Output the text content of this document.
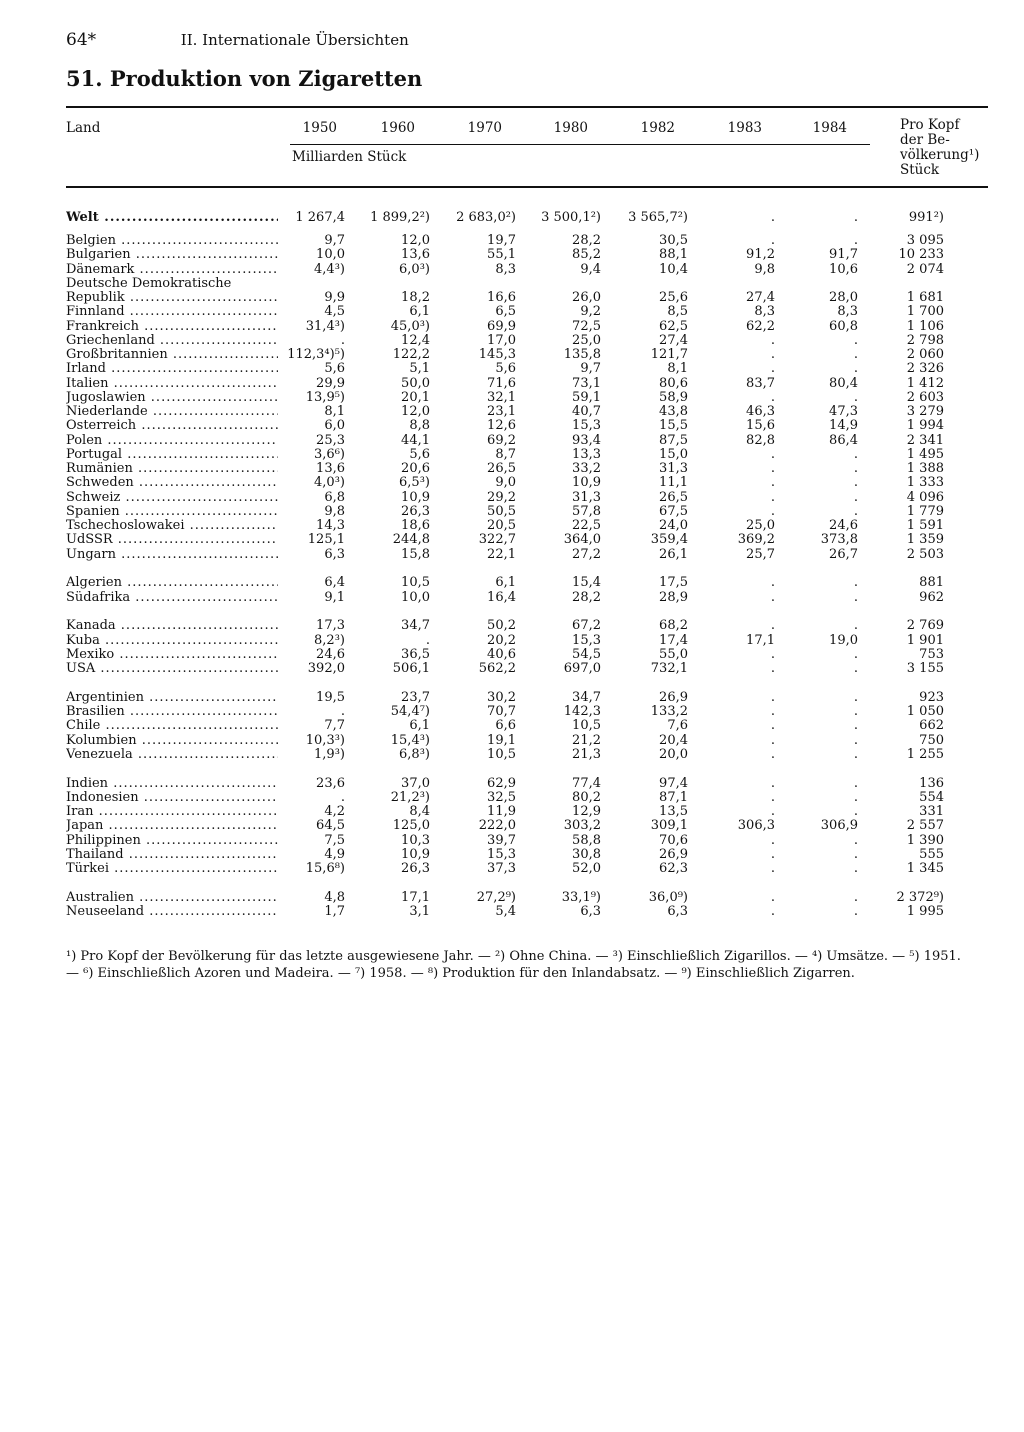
64*	II. Internationale Übersichten
51. Produktion von Zigaretten
Land	1950	1960	1970	1980	1982	1983	1984
Milliarden Stück
Pro Kopf
der Be-
völkerung¹)
Stück
Welt .....	1 267,4	1 899,2²)	2 683,0²)	3 500,1²)	3 565,7²)	.	.	991²)
Belgien .....	9,7	12,0	19,7	28,2	30,5	.	.	3 095
Bulgarien .....	10,0	13,6	55,1	85,2	88,1	91,2	91,7	10 233
Dänemark .....	4,4³)	6,0³)	8,3	9,4	10,4	9,8	10,6	2 074
Deutsche Demokratische
Republik .....	9,9	18,2	16,6	26,0	25,6	27,4	28,0	1 681
Finnland .....	4,5	6,1	6,5	9,2	8,5	8,3	8,3	1 700
Frankreich .....	31,4³)	45,0³)	69,9	72,5	62,5	62,2	60,8	1 106
Griechenland .....	.	12,4	17,0	25,0	27,4	.	.	2 798
Großbritannien .....	112,3⁴)⁵)	122,2	145,3	135,8	121,7	.	.	2 060
Irland .....	5,6	5,1	5,6	9,7	8,1	.	.	2 326
Italien .....	29,9	50,0	71,6	73,1	80,6	83,7	80,4	1 412
Jugoslawien .....	13,9⁵)	20,1	32,1	59,1	58,9	.	.	2 603
Niederlande .....	8,1	12,0	23,1	40,7	43,8	46,3	47,3	3 279
Österreich .....	6,0	8,8	12,6	15,3	15,5	15,6	14,9	1 994
Polen .....	25,3	44,1	69,2	93,4	87,5	82,8	86,4	2 341
Portugal .....	3,6⁶)	5,6	8,7	13,3	15,0	.	.	1 495
Rumänien .....	13,6	20,6	26,5	33,2	31,3	.	.	1 388
Schweden .....	4,0³)	6,5³)	9,0	10,9	11,1	.	.	1 333
Schweiz .....	6,8	10,9	29,2	31,3	26,5	.	.	4 096
Spanien .....	9,8	26,3	50,5	57,8	67,5	.	.	1 779
Tschechoslowakei .....	14,3	18,6	20,5	22,5	24,0	25,0	24,6	1 591
UdSSR .....	125,1	244,8	322,7	364,0	359,4	369,2	373,8	1 359
Ungarn .....	6,3	15,8	22,1	27,2	26,1	25,7	26,7	2 503
Algerien .....	6,4	10,5	6,1	15,4	17,5	.	.	881
Südafrika .....	9,1	10,0	16,4	28,2	28,9	.	.	962
Kanada .....	17,3	34,7	50,2	67,2	68,2	.	.	2 769
Kuba .....	8,2³)	.	20,2	15,3	17,4	17,1	19,0	1 901
Mexiko .....	24,6	36,5	40,6	54,5	55,0	.	.	753
USA .....	392,0	506,1	562,2	697,0	732,1	.	.	3 155
Argentinien .....	19,5	23,7	30,2	34,7	26,9	.	.	923
Brasilien .....	.	54,4⁷)	70,7	142,3	133,2	.	.	1 050
Chile .....	7,7	6,1	6,6	10,5	7,6	.	.	662
Kolumbien .....	10,3³)	15,4³)	19,1	21,2	20,4	.	.	750
Venezuela .....	1,9³)	6,8³)	10,5	21,3	20,0	.	.	1 255
Indien .....	23,6	37,0	62,9	77,4	97,4	.	.	136
Indonesien .....	.	21,2³)	32,5	80,2	87,1	.	.	554
Iran .....	4,2	8,4	11,9	12,9	13,5	.	.	331
Japan .....	64,5	125,0	222,0	303,2	309,1	306,3	306,9	2 557
Philippinen .....	7,5	10,3	39,7	58,8	70,6	.	.	1 390
Thailand .....	4,9	10,9	15,3	30,8	26,9	.	.	555
Türkei .....	15,6⁸)	26,3	37,3	52,0	62,3	.	.	1 345
Australien .....	4,8	17,1	27,2⁹)	33,1⁹)	36,0⁹)	.	.	2 372⁹)
Neuseeland .....	1,7	3,1	5,4	6,3	6,3	.	.	1 995
¹) Pro Kopf der Bevölkerung für das letzte ausgewiesene Jahr. — ²) Ohne China. — ³) Einschließlich Zigarillos. — ⁴) Umsätze. — ⁵) 1951.
— ⁶) Einschließlich Azoren und Madeira. — ⁷) 1958. — ⁸) Produktion für den Inlandabsatz. — ⁹) Einschließlich Zigarren.
